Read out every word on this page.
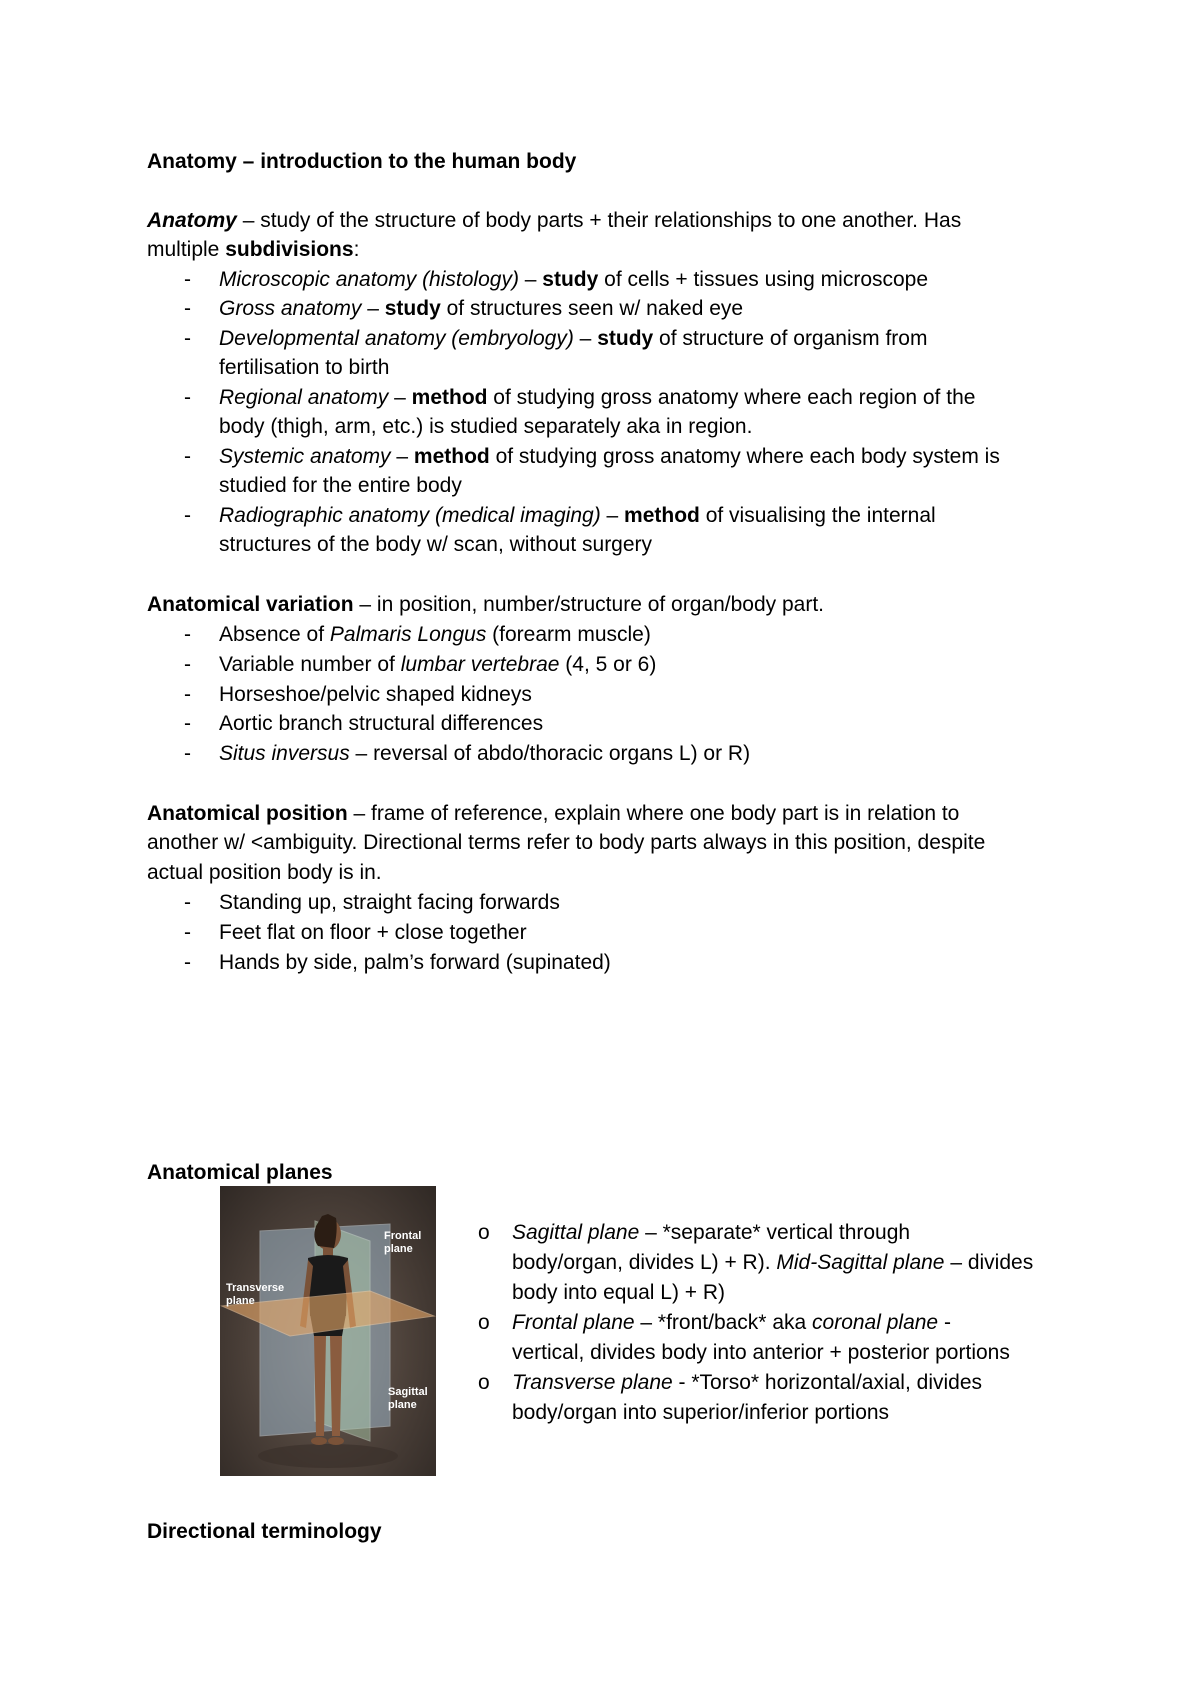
Anatomy – introduction to the human body
Anatomy – study of the structure of body parts + their relationships to one another. Has
multiple subdivisions:
- Microscopic anatomy (histology) – study of cells + tissues using microscope
- Gross anatomy – study of structures seen w/ naked eye
- Developmental anatomy (embryology) – study of structure of organism from
fertilisation to birth
- Regional anatomy – method of studying gross anatomy where each region of the
body (thigh, arm, etc.) is studied separately aka in region.
- Systemic anatomy – method of studying gross anatomy where each body system is
studied for the entire body
- Radiographic anatomy (medical imaging) – method of visualising the internal
structures of the body w/ scan, without surgery
Anatomical variation – in position, number/structure of organ/body part.
- Absence of Palmaris Longus (forearm muscle)
- Variable number of lumbar vertebrae (4, 5 or 6)
- Horseshoe/pelvic shaped kidneys
- Aortic branch structural differences
- Situs inversus – reversal of abdo/thoracic organs L) or R)
Anatomical position – frame of reference, explain where one body part is in relation to
another w/ <ambiguity. Directional terms refer to body parts always in this position, despite
actual position body is in.
- Standing up, straight facing forwards
- Feet flat on floor + close together
- Hands by side, palm’s forward (supinated)
Anatomical planes
Frontal plane
Transverse plane
Sagittal plane
o Sagittal plane – *separate* vertical through
body/organ, divides L) + R). Mid-Sagittal plane – divides
body into equal L) + R)
o Frontal plane – *front/back* aka coronal plane -
vertical, divides body into anterior + posterior portions
o Transverse plane - *Torso* horizontal/axial, divides
body/organ into superior/inferior portions
Directional terminology
